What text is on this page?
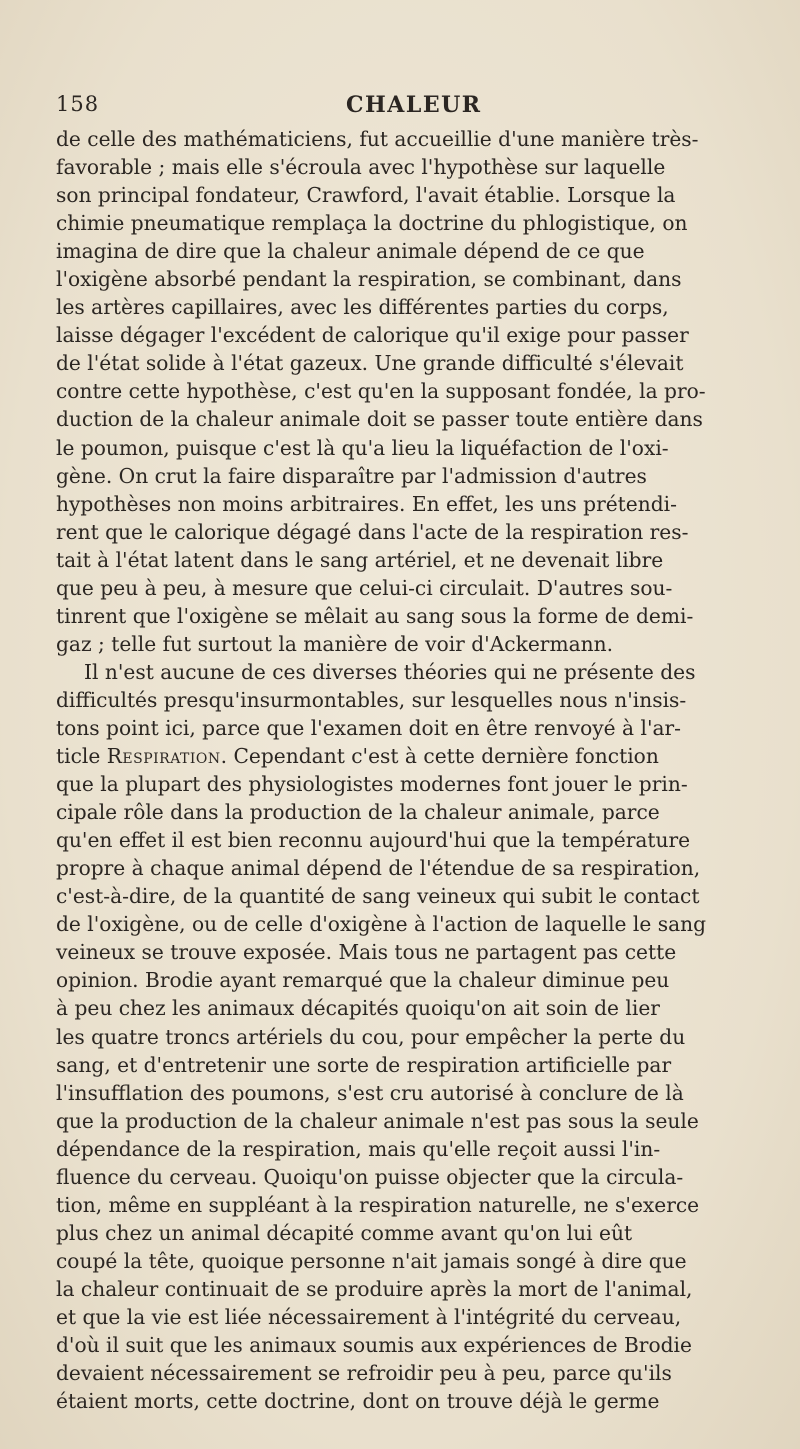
158	CHALEUR
de celle des mathématiciens, fut accueillie d'une manière très-
favorable ; mais elle s'écroula avec l'hypothèse sur laquelle
son principal fondateur, Crawford, l'avait établie. Lorsque la
chimie pneumatique remplaça la doctrine du phlogistique, on
imagina de dire que la chaleur animale dépend de ce que
l'oxigène absorbé pendant la respiration, se combinant, dans
les artères capillaires, avec les différentes parties du corps,
laisse dégager l'excédent de calorique qu'il exige pour passer
de l'état solide à l'état gazeux. Une grande difficulté s'élevait
contre cette hypothèse, c'est qu'en la supposant fondée, la pro-
duction de la chaleur animale doit se passer toute entière dans
le poumon, puisque c'est là qu'a lieu la liquéfaction de l'oxi-
gène. On crut la faire disparaître par l'admission d'autres
hypothèses non moins arbitraires. En effet, les uns prétendi-
rent que le calorique dégagé dans l'acte de la respiration res-
tait à l'état latent dans le sang artériel, et ne devenait libre
que peu à peu, à mesure que celui-ci circulait. D'autres sou-
tinrent que l'oxigène se mêlait au sang sous la forme de demi-
gaz ; telle fut surtout la manière de voir d'Ackermann.
Il n'est aucune de ces diverses théories qui ne présente des
difficultés presqu'insurmontables, sur lesquelles nous n'insis-
tons point ici, parce que l'examen doit en être renvoyé à l'ar-
ticle Respiration. Cependant c'est à cette dernière fonction
que la plupart des physiologistes modernes font jouer le prin-
cipale rôle dans la production de la chaleur animale, parce
qu'en effet il est bien reconnu aujourd'hui que la température
propre à chaque animal dépend de l'étendue de sa respiration,
c'est-à-dire, de la quantité de sang veineux qui subit le contact
de l'oxigène, ou de celle d'oxigène à l'action de laquelle le sang
veineux se trouve exposée. Mais tous ne partagent pas cette
opinion. Brodie ayant remarqué que la chaleur diminue peu
à peu chez les animaux décapités quoiqu'on ait soin de lier
les quatre troncs artériels du cou, pour empêcher la perte du
sang, et d'entretenir une sorte de respiration artificielle par
l'insufflation des poumons, s'est cru autorisé à conclure de là
que la production de la chaleur animale n'est pas sous la seule
dépendance de la respiration, mais qu'elle reçoit aussi l'in-
fluence du cerveau. Quoiqu'on puisse objecter que la circula-
tion, même en suppléant à la respiration naturelle, ne s'exerce
plus chez un animal décapité comme avant qu'on lui eût
coupé la tête, quoique personne n'ait jamais songé à dire que
la chaleur continuait de se produire après la mort de l'animal,
et que la vie est liée nécessairement à l'intégrité du cerveau,
d'où il suit que les animaux soumis aux expériences de Brodie
devaient nécessairement se refroidir peu à peu, parce qu'ils
étaient morts, cette doctrine, dont on trouve déjà le germe
